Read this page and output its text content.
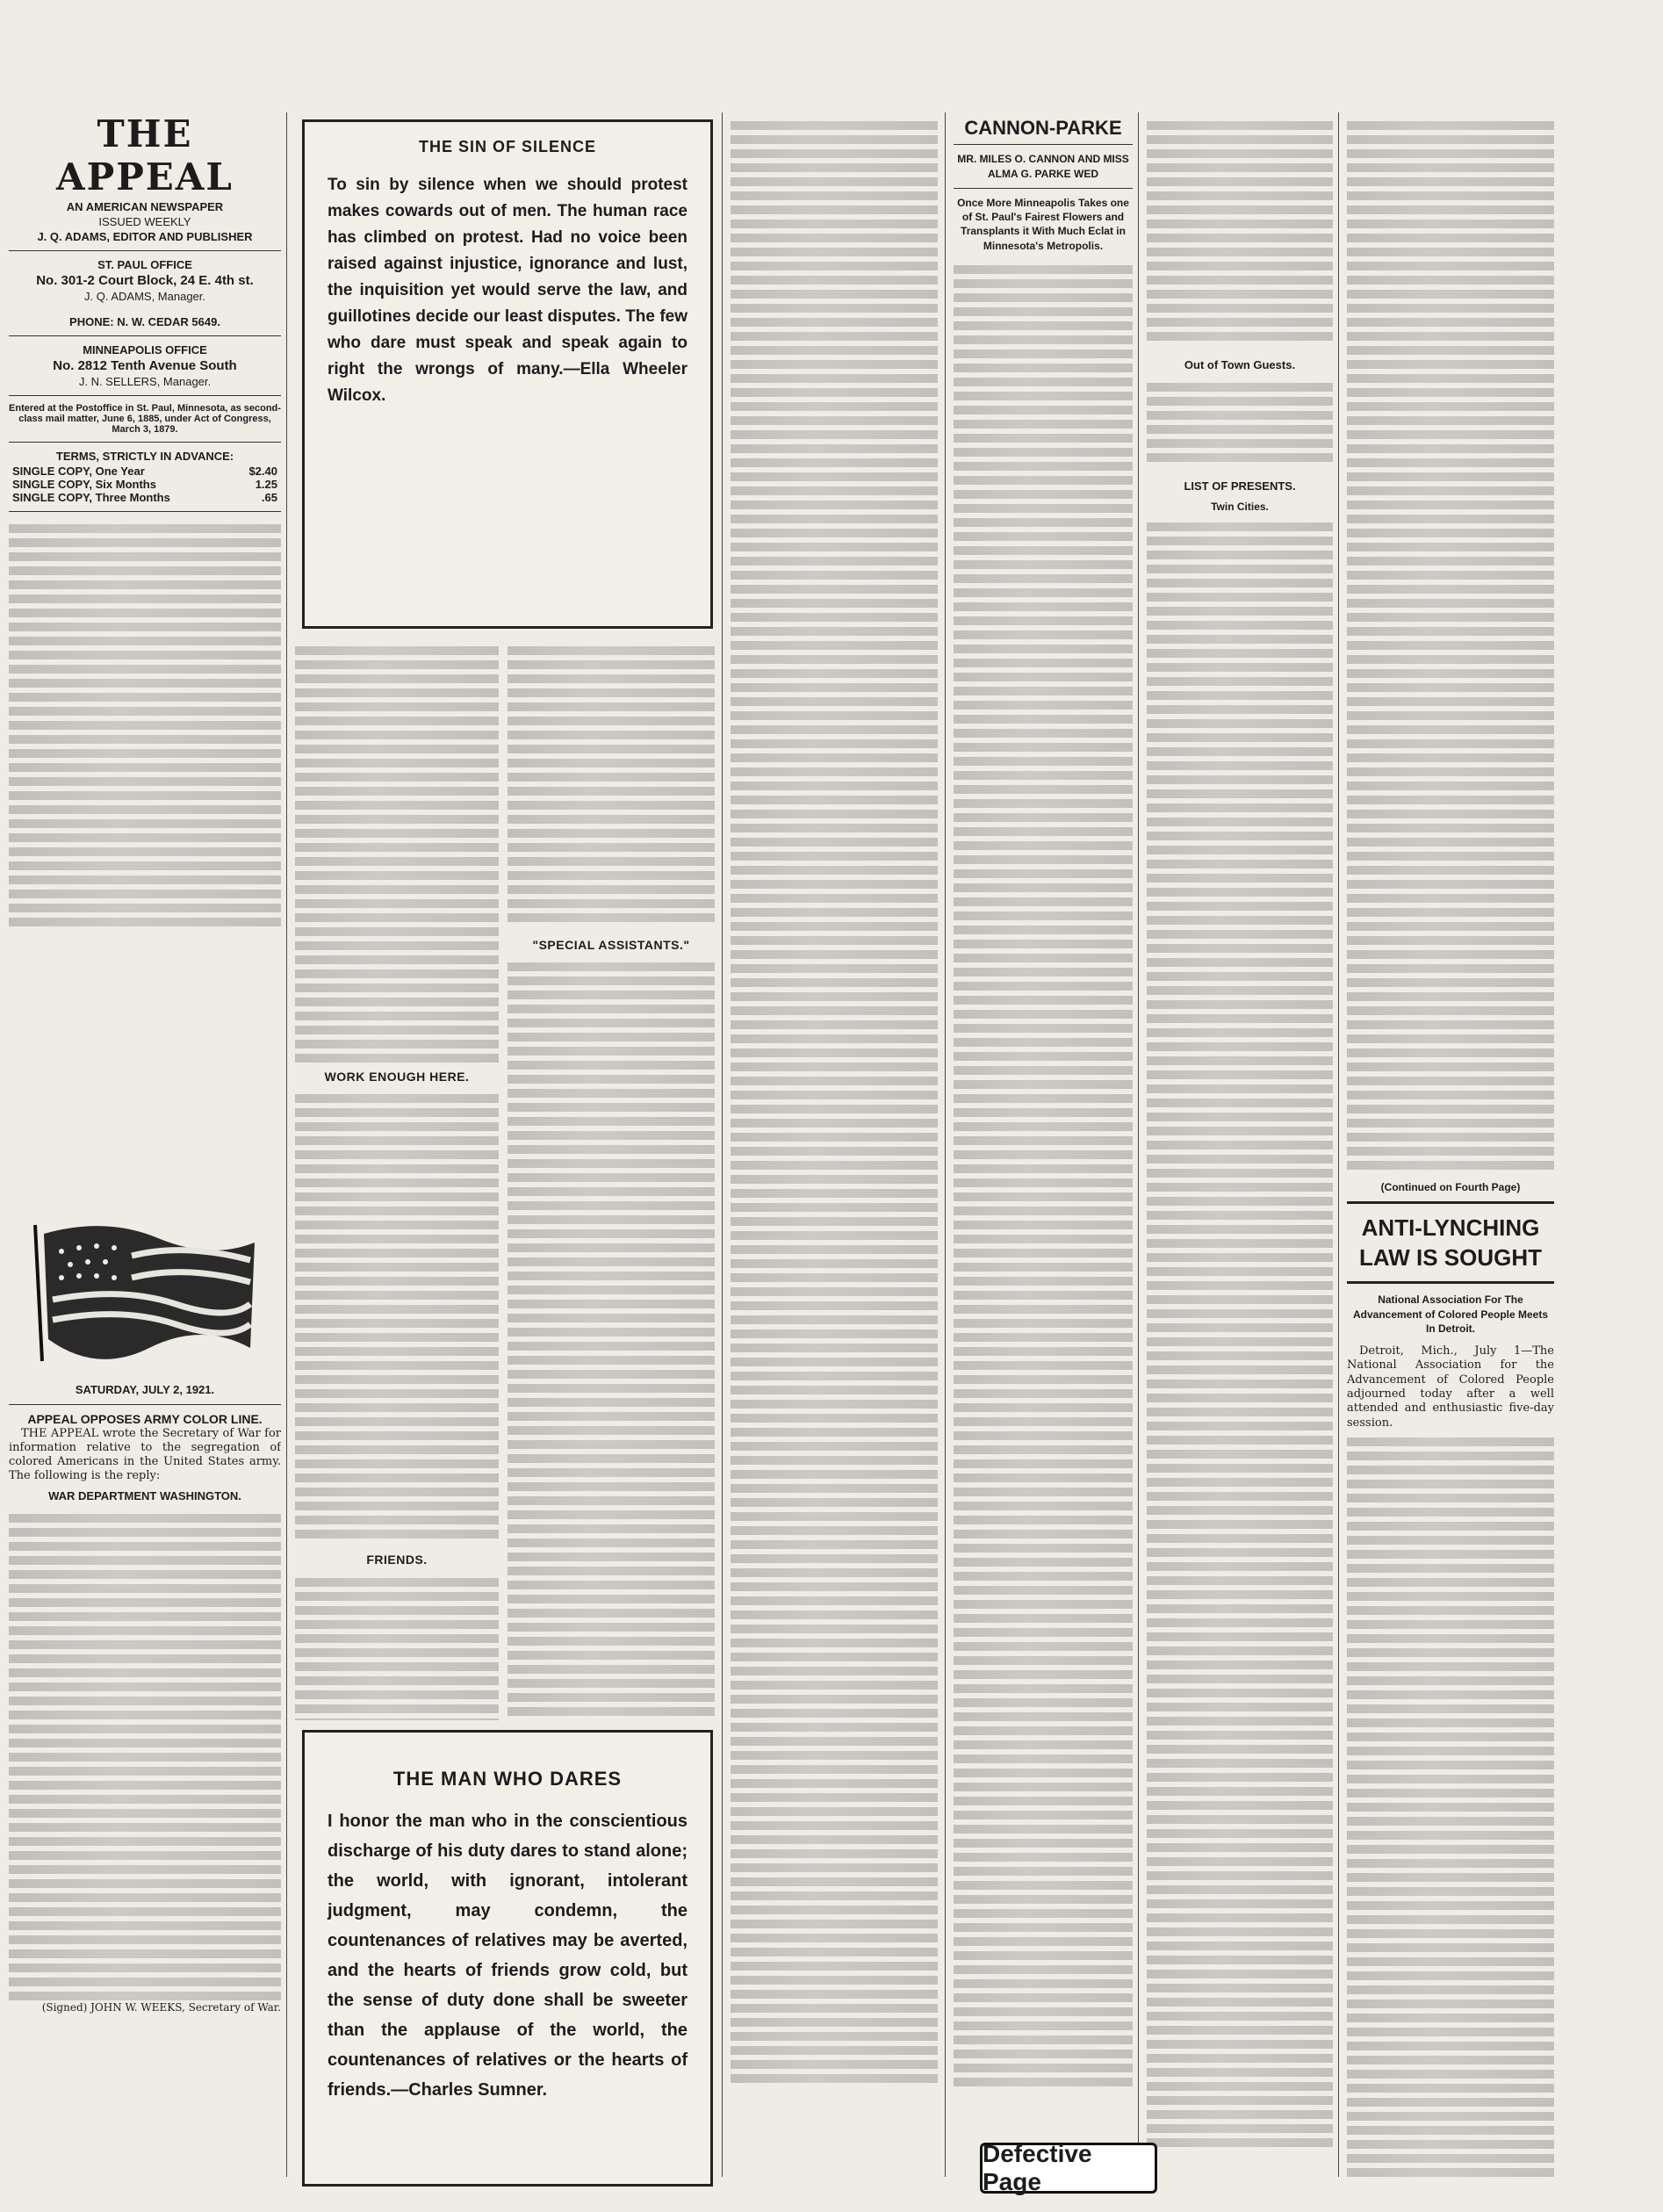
THE APPEAL
AN AMERICAN NEWSPAPER
ISSUED WEEKLY
J. Q. ADAMS, EDITOR AND PUBLISHER
ST. PAUL OFFICE
No. 301-2 Court Block, 24 E. 4th st.
J. Q. ADAMS, Manager.
PHONE: N. W. CEDAR 5649.
MINNEAPOLIS OFFICE
No. 2812 Tenth Avenue South
J. N. SELLERS, Manager.
Entered at the Postoffice in St. Paul, Minnesota, as second-class mail matter, June 6, 1885, under Act of Congress, March 3, 1879.
TERMS, STRICTLY IN ADVANCE:
SINGLE COPY, One Year	$2.40
SINGLE COPY, Six Months	1.25
SINGLE COPY, Three Months	.65
SATURDAY, JULY 2, 1921.
APPEAL OPPOSES ARMY COLOR LINE.

THE APPEAL wrote the Secretary of War for information relative to the segregation of colored Americans in the United States army. The following is the reply:

WAR DEPARTMENT WASHINGTON.
(Signed) JOHN W. WEEKS, Secretary of War.
THE SIN OF SILENCE
To sin by silence when we should protest makes cowards out of men. The human race has climbed on protest. Had no voice been raised against injustice, ignorance and lust, the inquisition yet would serve the law, and guillotines decide our least disputes. The few who dare must speak and speak again to right the wrongs of many.—Ella Wheeler Wilcox.
WORK ENOUGH HERE.
FRIENDS.
"SPECIAL ASSISTANTS."
THE MAN WHO DARES
I honor the man who in the conscientious discharge of his duty dares to stand alone; the world, with ignorant, intolerant judgment, may condemn, the countenances of relatives may be averted, and the hearts of friends grow cold, but the sense of duty done shall be sweeter than the applause of the world, the countenances of relatives or the hearts of friends.—Charles Sumner.
CANNON-PARKE
MR. MILES O. CANNON AND MISS ALMA G. PARKE WED
Once More Minneapolis Takes one of St. Paul's Fairest Flowers and Transplants it With Much Eclat in Minnesota's Metropolis.
Out of Town Guests.
LIST OF PRESENTS.
Twin Cities.
(Continued on Fourth Page)
ANTI-LYNCHING LAW IS SOUGHT
National Association For The Advancement of Colored People Meets In Detroit.

Detroit, Mich., July 1—The National Association for the Advancement of Colored People adjourned today after a well attended and enthusiastic five-day session.

Defective Page
